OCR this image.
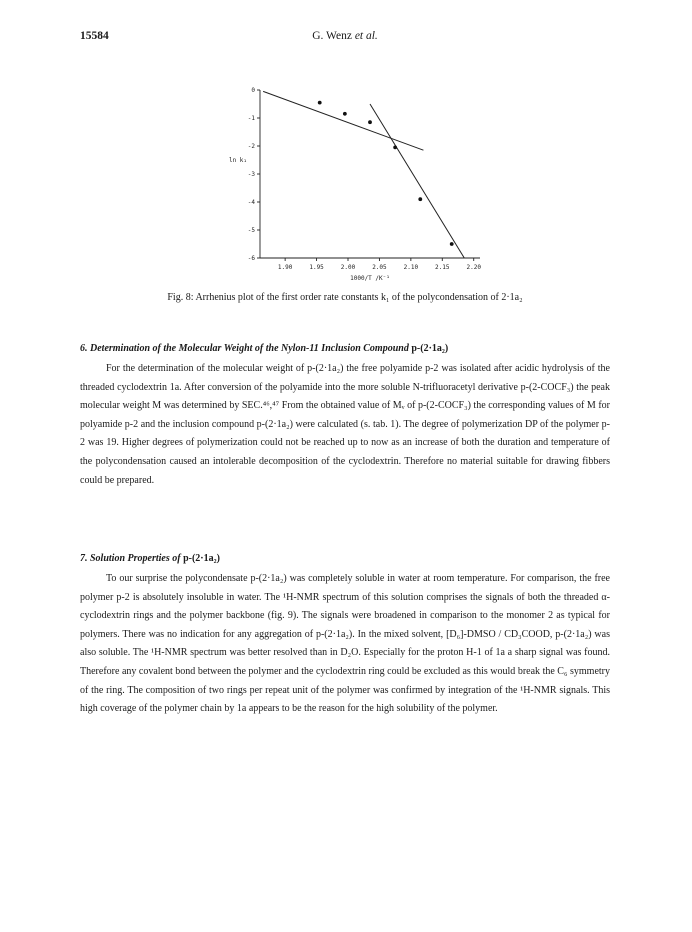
15584	G. Wenz et al.
0
-1
-2
-3
-4
-5
-6
1.90	1.95	2.00	2.05	2.10	2.15	2.20
1000/T /K⁻¹
ln k₁
Fig. 8: Arrhenius plot of the first order rate constants k₁ of the polycondensation of 2·1a₂

6. Determination of the Molecular Weight of the Nylon-11 Inclusion Compound p-(2·1a₂)

For the determination of the molecular weight of p-(2·1a₂) the free polyamide p-2 was isolated after acidic hydrolysis of the threaded cyclodextrin 1a. After conversion of the polyamide into the more soluble N-trifluoracetyl derivative p-(2-COCF₃) the peak molecular weight M was determined by SEC.⁴⁶,⁴⁷ From the obtained value of Mᵥ of p-(2-COCF₃) the corresponding values of M for polyamide p-2 and the inclusion compound p-(2·1a₂) were calculated (s. tab. 1). The degree of polymerization DP of the polymer p-2 was 19. Higher degrees of polymerization could not be reached up to now as an increase of both the duration and temperature of the polycondensation caused an intolerable decomposition of the cyclodextrin. Therefore no material suitable for drawing fibbers could be prepared.

7. Solution Properties of p-(2·1a₂)

To our surprise the polycondensate p-(2·1a₂) was completely soluble in water at room temperature. For comparison, the free polymer p-2 is absolutely insoluble in water. The ¹H-NMR spectrum of this solution comprises the signals of both the threaded α-cyclodextrin rings and the polymer backbone (fig. 9). The signals were broadened in comparison to the monomer 2 as typical for polymers. There was no indication for any aggregation of p-(2·1a₂). In the mixed solvent, [D₆]-DMSO / CD₃COOD, p-(2·1a₂) was also soluble. The ¹H-NMR spectrum was better resolved than in D₂O. Especially for the proton H-1 of 1a a sharp signal was found. Therefore any covalent bond between the polymer and the cyclodextrin ring could be excluded as this would break the C₆ symmetry of the ring. The composition of two rings per repeat unit of the polymer was confirmed by integration of the ¹H-NMR signals. This high coverage of the polymer chain by 1a appears to be the reason for the high solubility of the polymer.
